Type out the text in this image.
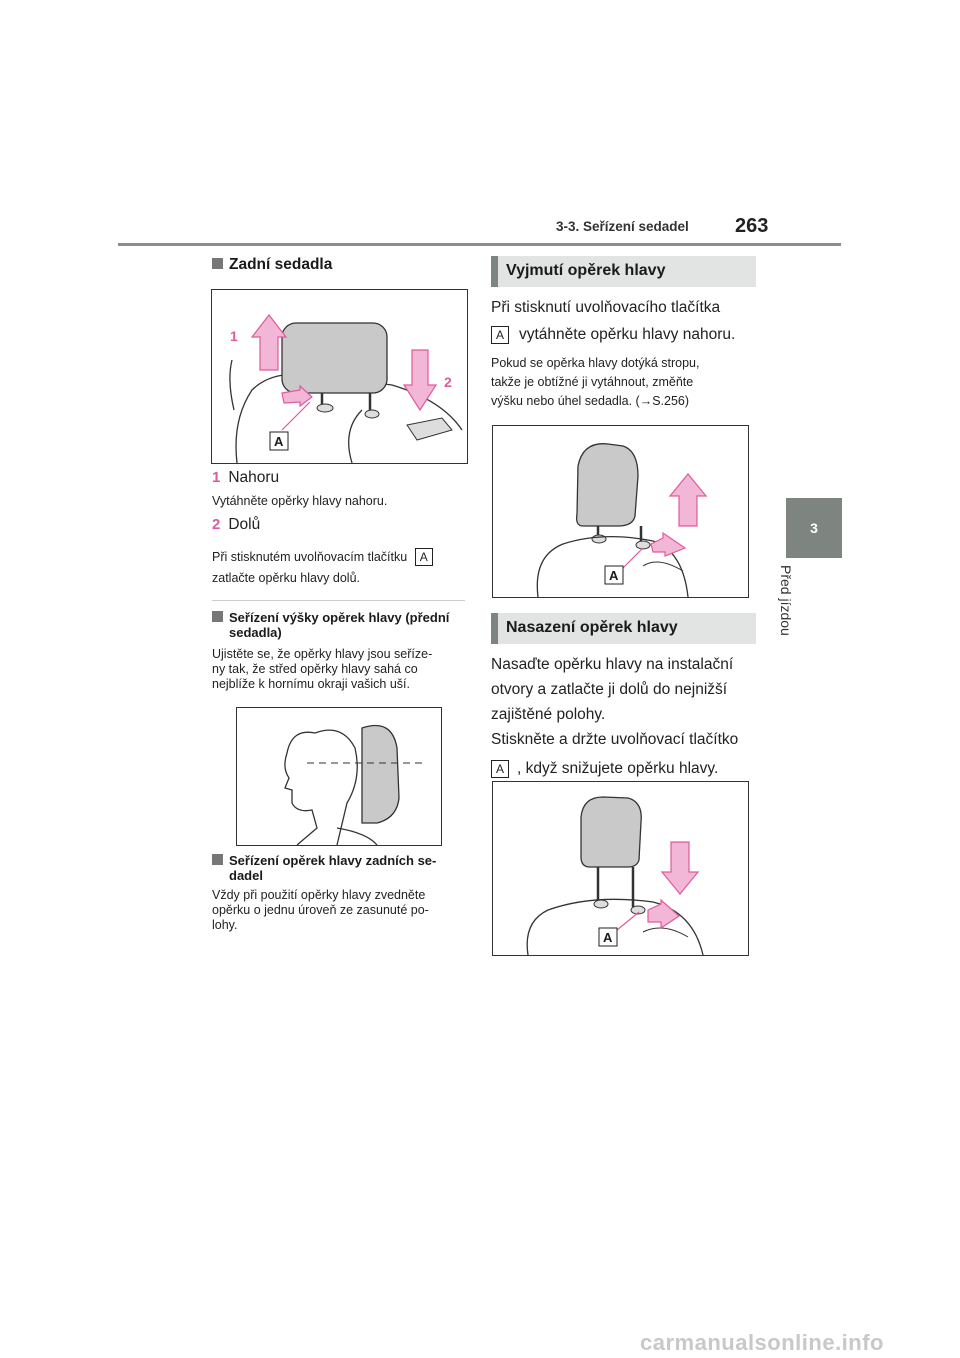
3-3. Seřízení sedadel 263
3
Před jízdou
Zadní sedadla
1
2
A
1 Nahoru
Vytáhněte opěrky hlavy nahoru.
2 Dolů
Při stisknutém uvolňovacím tlačítku A
zatlačte opěrku hlavy dolů.
Seřízení výšky opěrek hlavy (přední
sedadla)
Ujistěte se, že opěrky hlavy jsou seříze-
ny tak, že střed opěrky hlavy sahá co
nejblíže k hornímu okraji vašich uší.
Seřízení opěrek hlavy zadních se-
dadel
Vždy při použití opěrky hlavy zvedněte
opěrku o jednu úroveň ze zasunuté po-
lohy.
Vyjmutí opěrek hlavy
Při stisknutí uvolňovacího tlačítka
A vytáhněte opěrku hlavy nahoru.
Pokud se opěrka hlavy dotýká stropu,
takže je obtížné ji vytáhnout, změňte
výšku nebo úhel sedadla. (→S.256)
A
Nasazení opěrek hlavy
Nasaďte opěrku hlavy na instalační
otvory a zatlačte ji dolů do nejnižší
zajištěné polohy.
Stiskněte a držte uvolňovací tlačítko
A , když snižujete opěrku hlavy.
A
carmanualsonline.info
